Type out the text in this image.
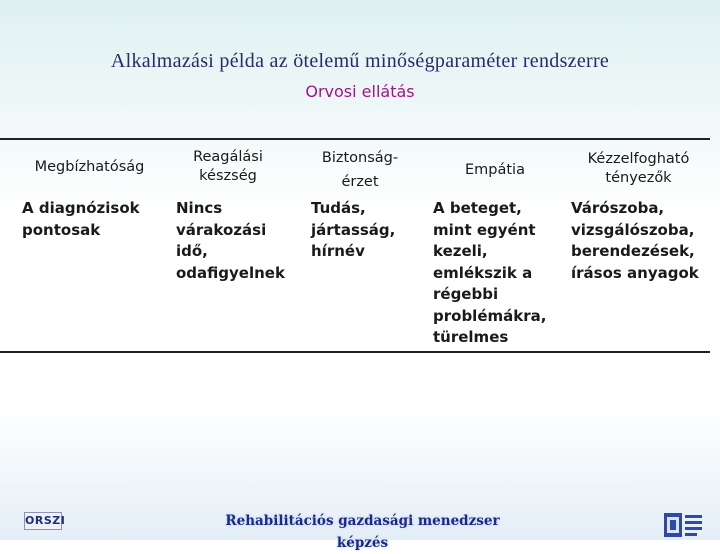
Alkalmazási példa az ötelemű minőségparaméter rendszerre
Orvosi ellátás
Megbízhatóság
Reagálási
készség
Biztonság-
érzet
Empátia
Kézzelfogható
tényezők
A diagnózisok
pontosak
Nincs
várakozási
idő,
odafigyelnek
Tudás,
jártasság,
hírnév
A beteget,
mint egyént
kezeli,
emlékszik a
régebbi
problémákra,
türelmes
Várószoba,
vizsgálószoba,
berendezések,
írásos anyagok
ORSZI	Rehabilitációs gazdasági menedzser képzés
